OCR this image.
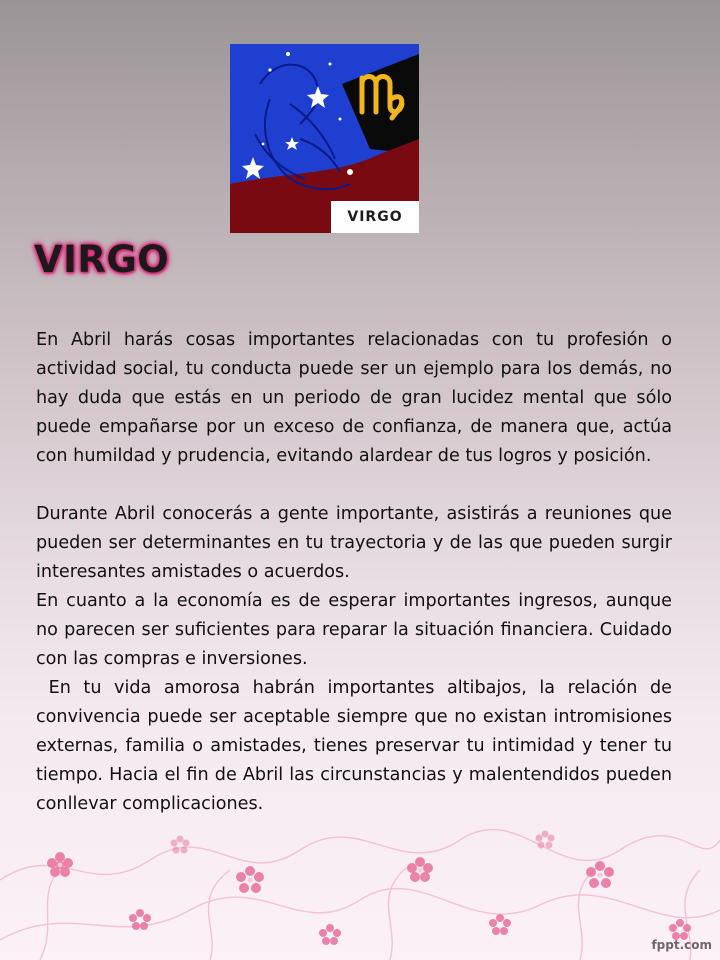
VIRGO
VIRGO

En Abril harás cosas importantes relacionadas con tu profesión o actividad social, tu conducta puede ser un ejemplo para los demás, no hay duda que estás en un periodo de gran lucidez mental que sólo puede empañarse por un exceso de confianza, de manera que, actúa con humildad y prudencia, evitando alardear de tus logros y posición.

Durante Abril conocerás a gente importante, asistirás a reuniones que pueden ser determinantes en tu trayectoria y de las que pueden surgir interesantes amistades o acuerdos.

En cuanto a la economía es de esperar importantes ingresos, aunque no parecen ser suficientes para reparar la situación financiera. Cuidado con las compras e inversiones.

En tu vida amorosa habrán importantes altibajos, la relación de convivencia puede ser aceptable siempre que no existan intromisiones externas, familia o amistades, tienes preservar tu intimidad y tener tu tiempo. Hacia el fin de Abril las circunstancias y malentendidos pueden conllevar complicaciones.

fppt.com
